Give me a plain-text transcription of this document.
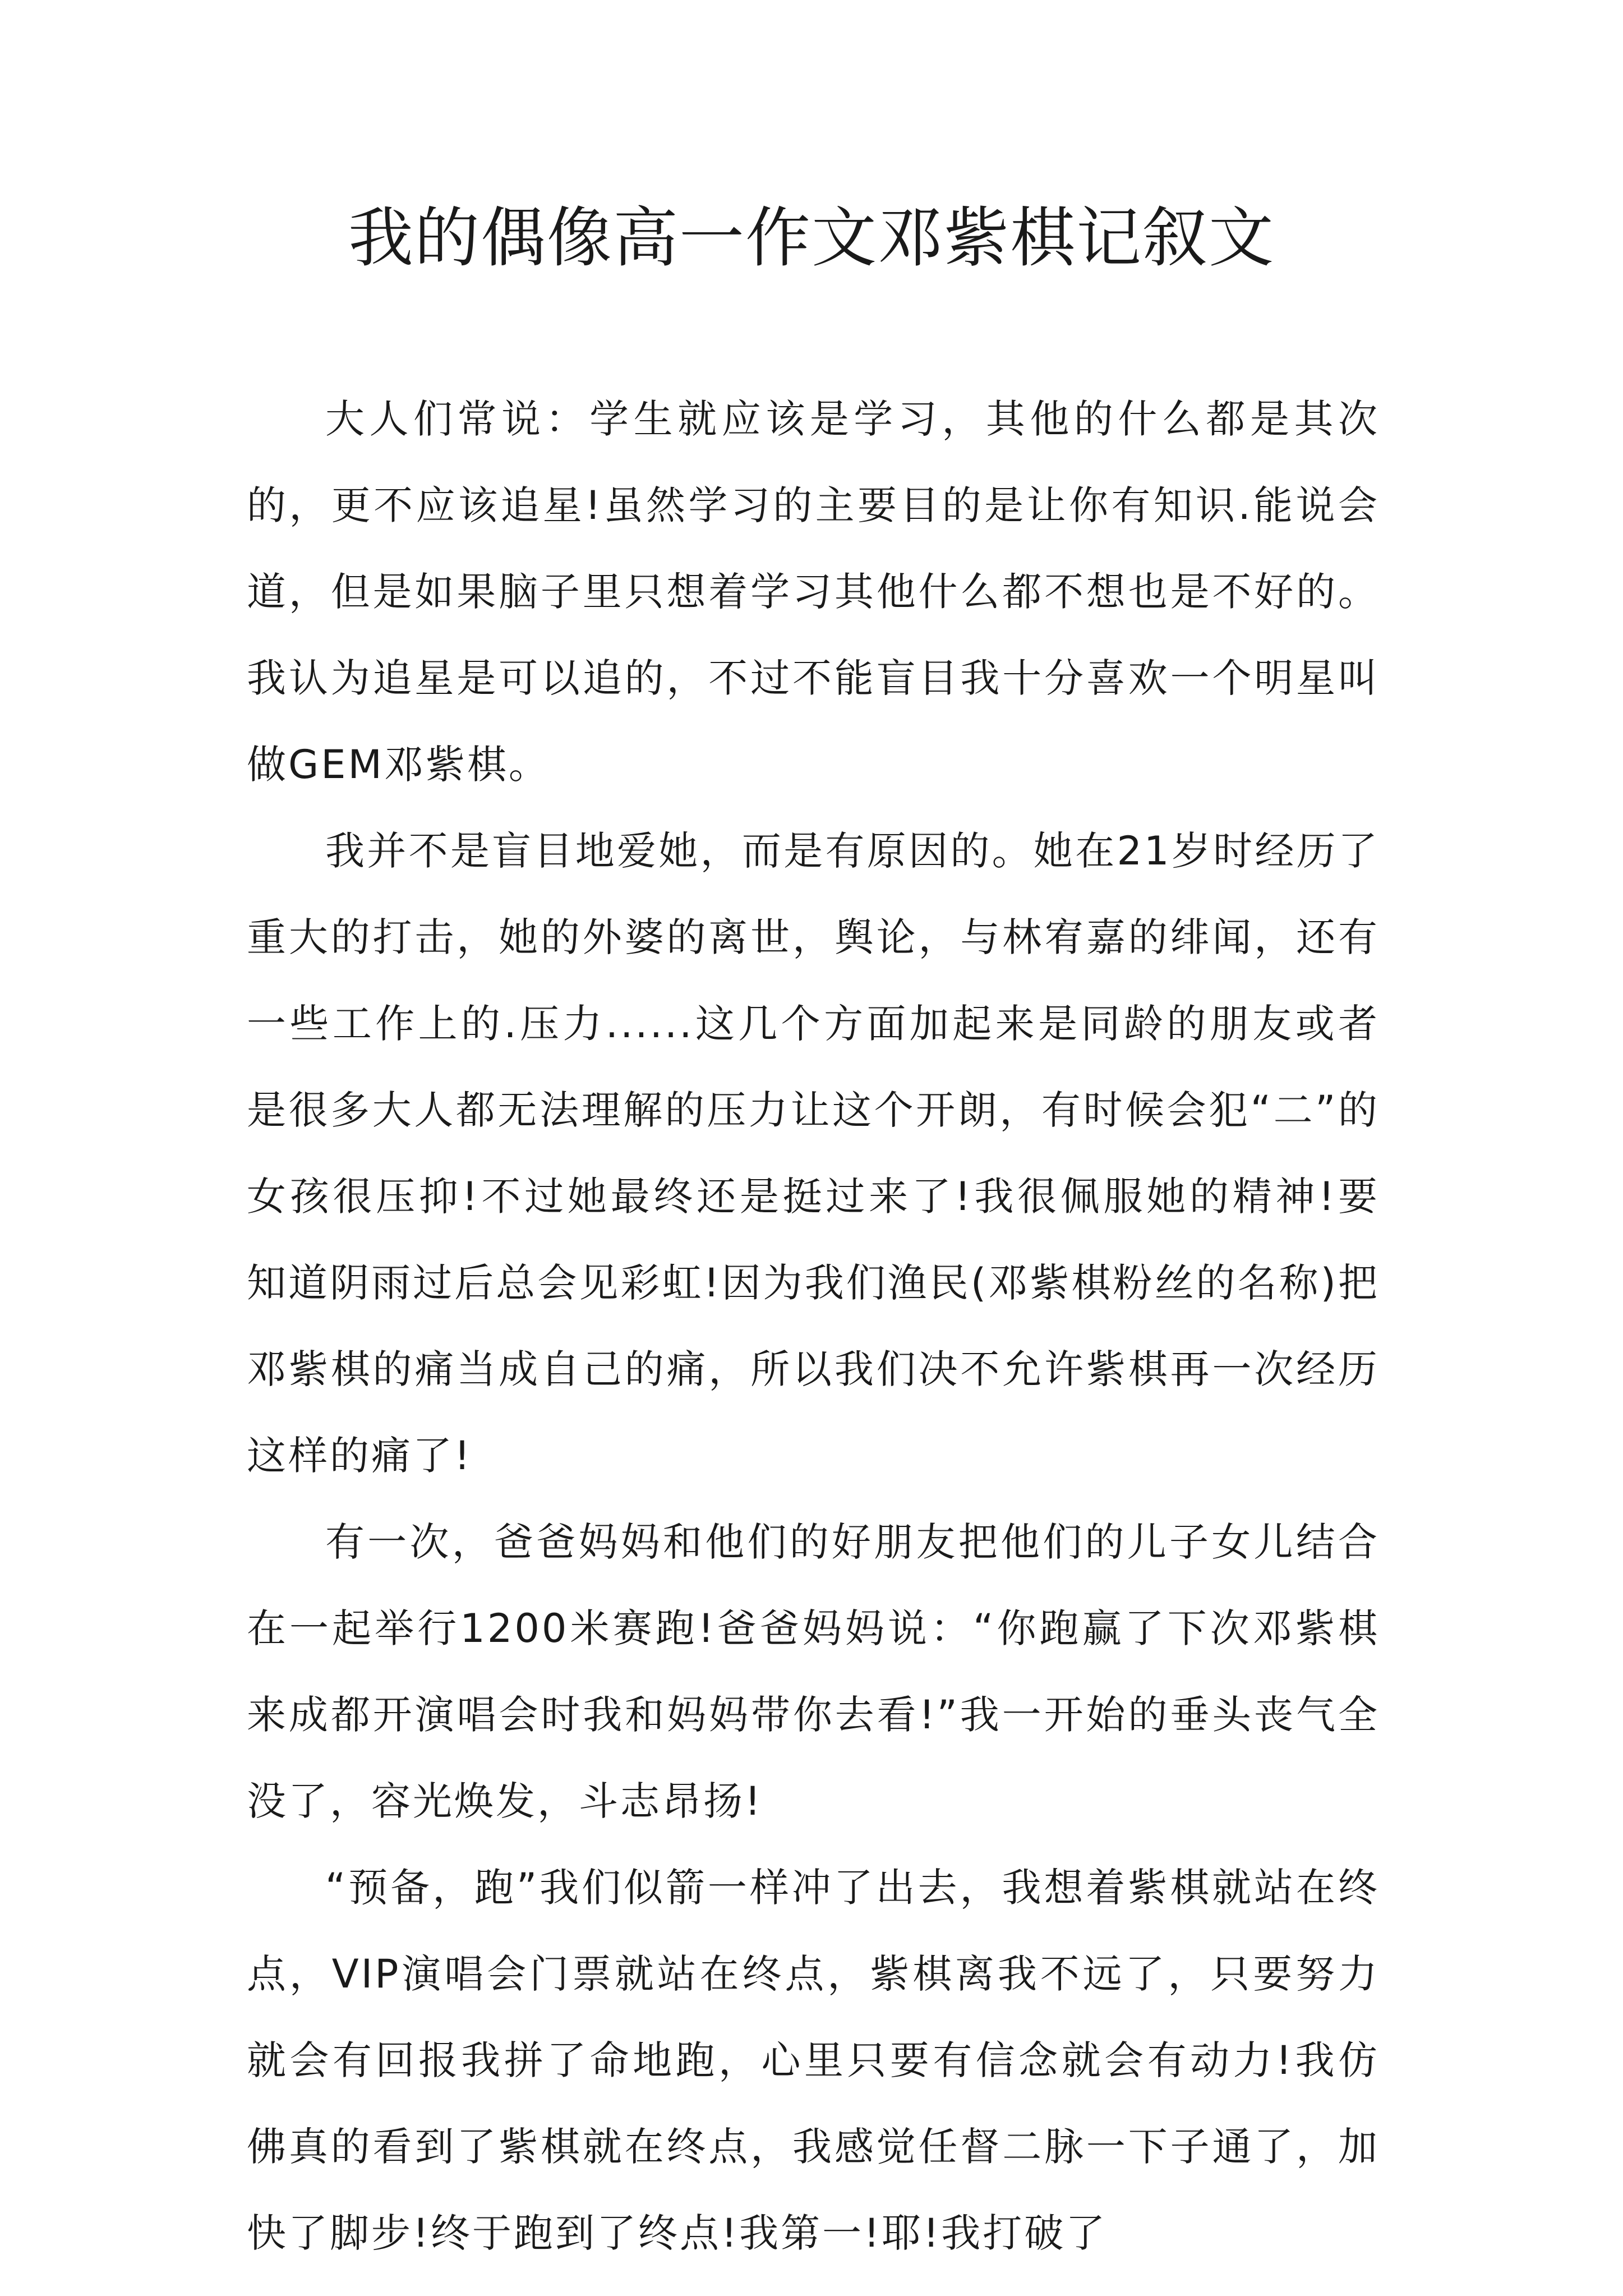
我的偶像高一作文邓紫棋记叙文

大人们常说：学生就应该是学习，其他的什么都是其次的，更不应该追星!虽然学习的主要目的是让你有知识.能说会道，但是如果脑子里只想着学习其他什么都不想也是不好的。我认为追星是可以追的，不过不能盲目我十分喜欢一个明星叫做GEM邓紫棋。

我并不是盲目地爱她，而是有原因的。她在21岁时经历了重大的打击，她的外婆的离世，舆论，与林宥嘉的绯闻，还有一些工作上的.压力......这几个方面加起来是同龄的朋友或者是很多大人都无法理解的压力让这个开朗，有时候会犯“二”的女孩很压抑!不过她最终还是挺过来了!我很佩服她的精神!要知道阴雨过后总会见彩虹!因为我们渔民(邓紫棋粉丝的名称)把邓紫棋的痛当成自己的痛，所以我们决不允许紫棋再一次经历这样的痛了!

有一次，爸爸妈妈和他们的好朋友把他们的儿子女儿结合在一起举行1200米赛跑!爸爸妈妈说：“你跑赢了下次邓紫棋来成都开演唱会时我和妈妈带你去看!”我一开始的垂头丧气全没了，容光焕发，斗志昂扬!

“预备，跑”我们似箭一样冲了出去，我想着紫棋就站在终点，VIP演唱会门票就站在终点，紫棋离我不远了，只要努力就会有回报我拼了命地跑，心里只要有信念就会有动力!我仿佛真的看到了紫棋就在终点，我感觉任督二脉一下子通了，加快了脚步!终于跑到了终点!我第一!耶!我打破了
